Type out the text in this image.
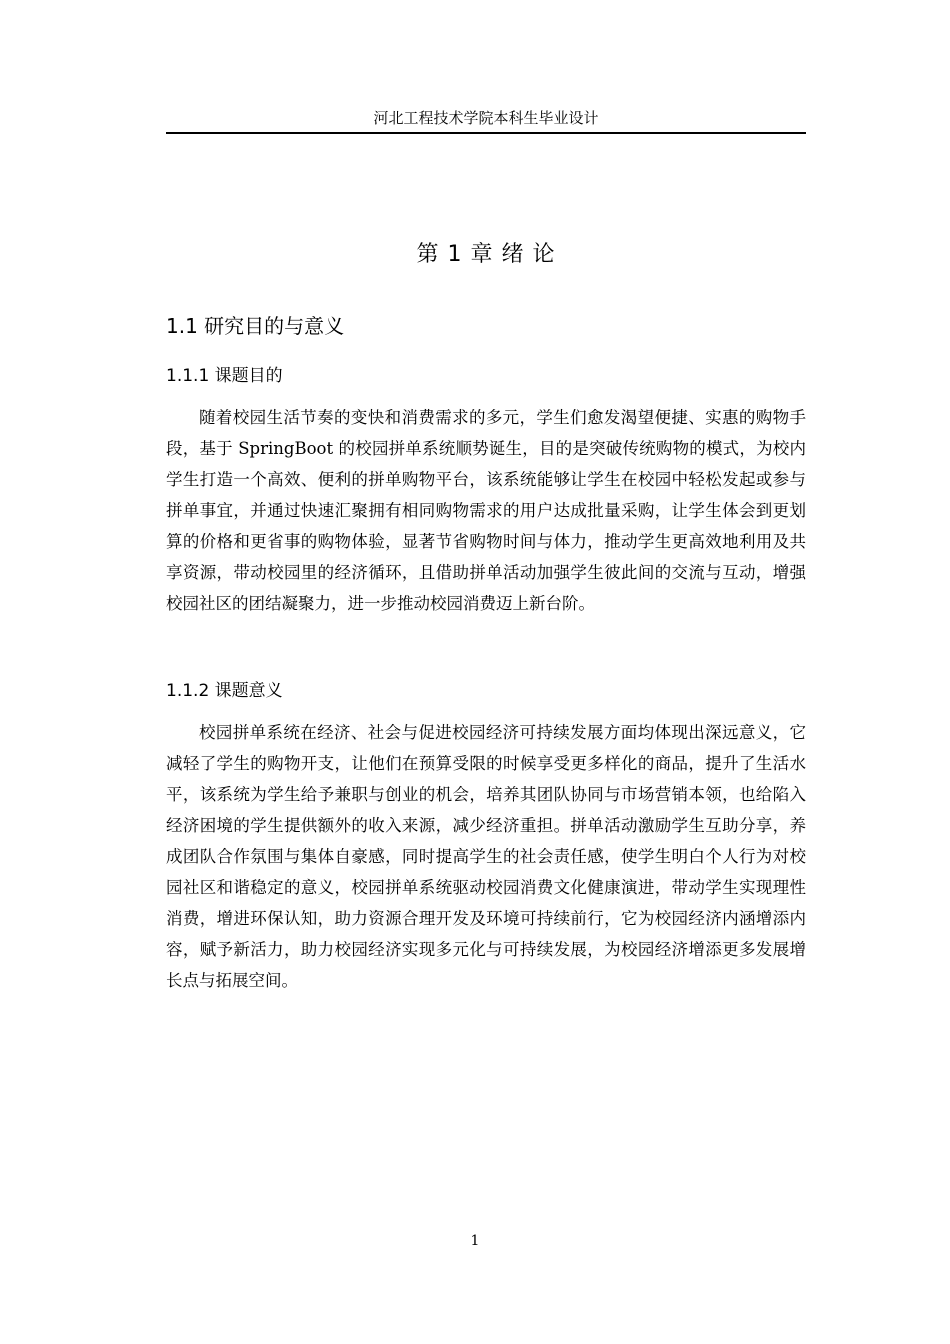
河北工程技术学院本科生毕业设计
第 1 章 绪 论
1.1 研究目的与意义
1.1.1 课题目的

随着校园生活节奏的变快和消费需求的多元，学生们愈发渴望便捷、实惠的购物手段，基于 SpringBoot 的校园拼单系统顺势诞生，目的是突破传统购物的模式，为校内学生打造一个高效、便利的拼单购物平台，该系统能够让学生在校园中轻松发起或参与拼单事宜，并通过快速汇聚拥有相同购物需求的用户达成批量采购，让学生体会到更划算的价格和更省事的购物体验，显著节省购物时间与体力，推动学生更高效地利用及共享资源，带动校园里的经济循环，且借助拼单活动加强学生彼此间的交流与互动，增强校园社区的团结凝聚力，进一步推动校园消费迈上新台阶。

1.1.2 课题意义

校园拼单系统在经济、社会与促进校园经济可持续发展方面均体现出深远意义，它减轻了学生的购物开支，让他们在预算受限的时候享受更多样化的商品，提升了生活水平，该系统为学生给予兼职与创业的机会，培养其团队协同与市场营销本领，也给陷入经济困境的学生提供额外的收入来源，减少经济重担。拼单活动激励学生互助分享，养成团队合作氛围与集体自豪感，同时提高学生的社会责任感，使学生明白个人行为对校园社区和谐稳定的意义，校园拼单系统驱动校园消费文化健康演进，带动学生实现理性消费，增进环保认知，助力资源合理开发及环境可持续前行，它为校园经济内涵增添内容，赋予新活力，助力校园经济实现多元化与可持续发展，为校园经济增添更多发展增长点与拓展空间。

1
